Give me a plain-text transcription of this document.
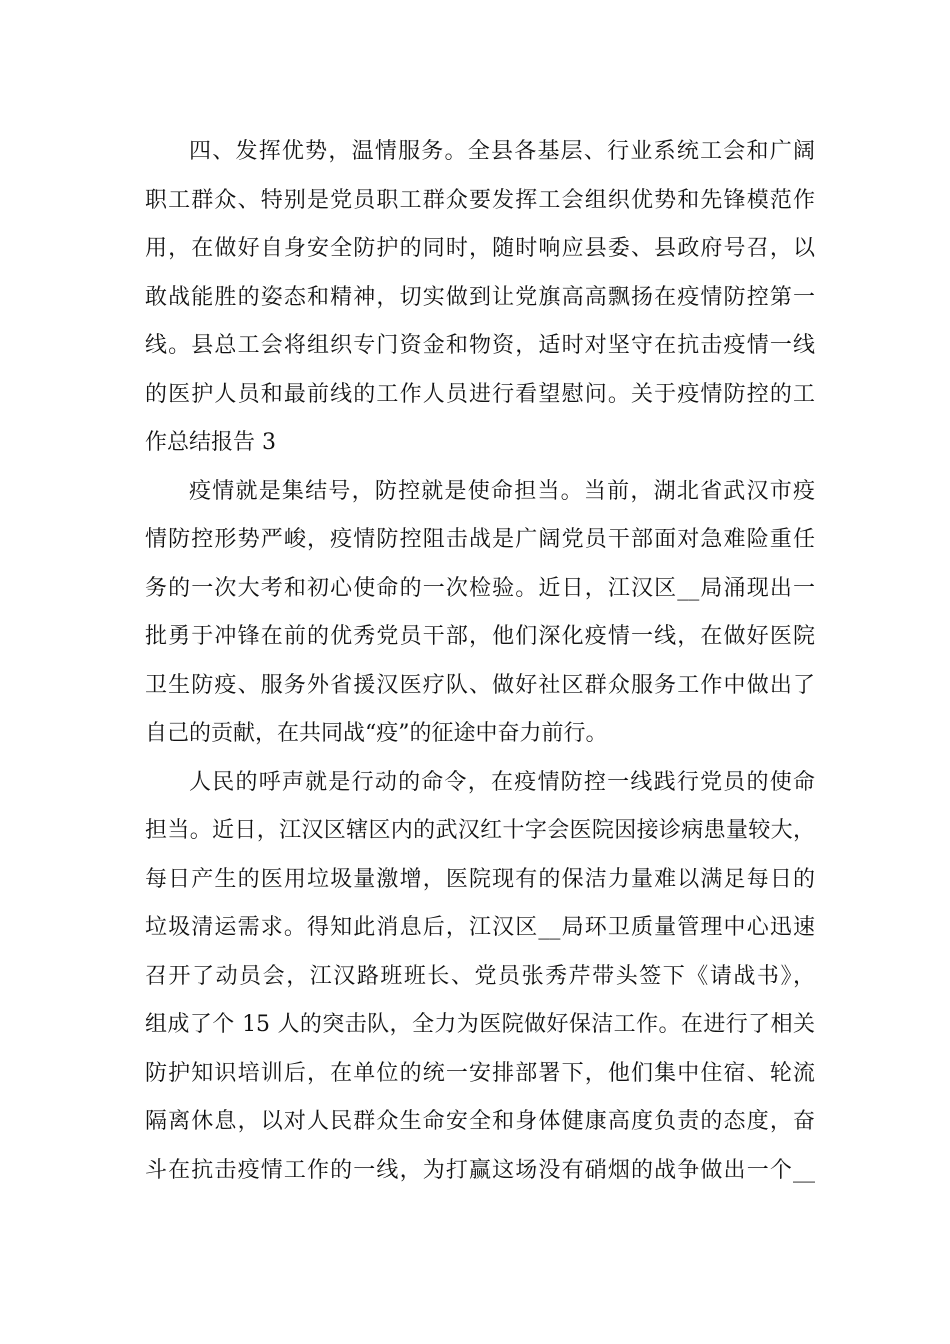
四、发挥优势，温情服务。全县各基层、行业系统工会和广阔
职工群众、特别是党员职工群众要发挥工会组织优势和先锋模范作
用，在做好自身安全防护的同时，随时响应县委、县政府号召，以
敢战能胜的姿态和精神，切实做到让党旗高高飘扬在疫情防控第一
线。县总工会将组织专门资金和物资，适时对坚守在抗击疫情一线
的医护人员和最前线的工作人员进行看望慰问。关于疫情防控的工
作总结报告 3
疫情就是集结号，防控就是使命担当。当前，湖北省武汉市疫
情防控形势严峻，疫情防控阻击战是广阔党员干部面对急难险重任
务的一次大考和初心使命的一次检验。近日，江汉区__局涌现出一
批勇于冲锋在前的优秀党员干部，他们深化疫情一线，在做好医院
卫生防疫、服务外省援汉医疗队、做好社区群众服务工作中做出了
自己的贡献，在共同战“疫”的征途中奋力前行。
人民的呼声就是行动的命令，在疫情防控一线践行党员的使命
担当。近日，江汉区辖区内的武汉红十字会医院因接诊病患量较大，
每日产生的医用垃圾量激增，医院现有的保洁力量难以满足每日的
垃圾清运需求。得知此消息后，江汉区__局环卫质量管理中心迅速
召开了动员会，江汉路班班长、党员张秀芹带头签下《请战书》，
组成了个 15 人的突击队，全力为医院做好保洁工作。在进行了相关
防护知识培训后，在单位的统一安排部署下，他们集中住宿、轮流
隔离休息，以对人民群众生命安全和身体健康高度负责的态度，奋
斗在抗击疫情工作的一线，为打赢这场没有硝烟的战争做出一个__
